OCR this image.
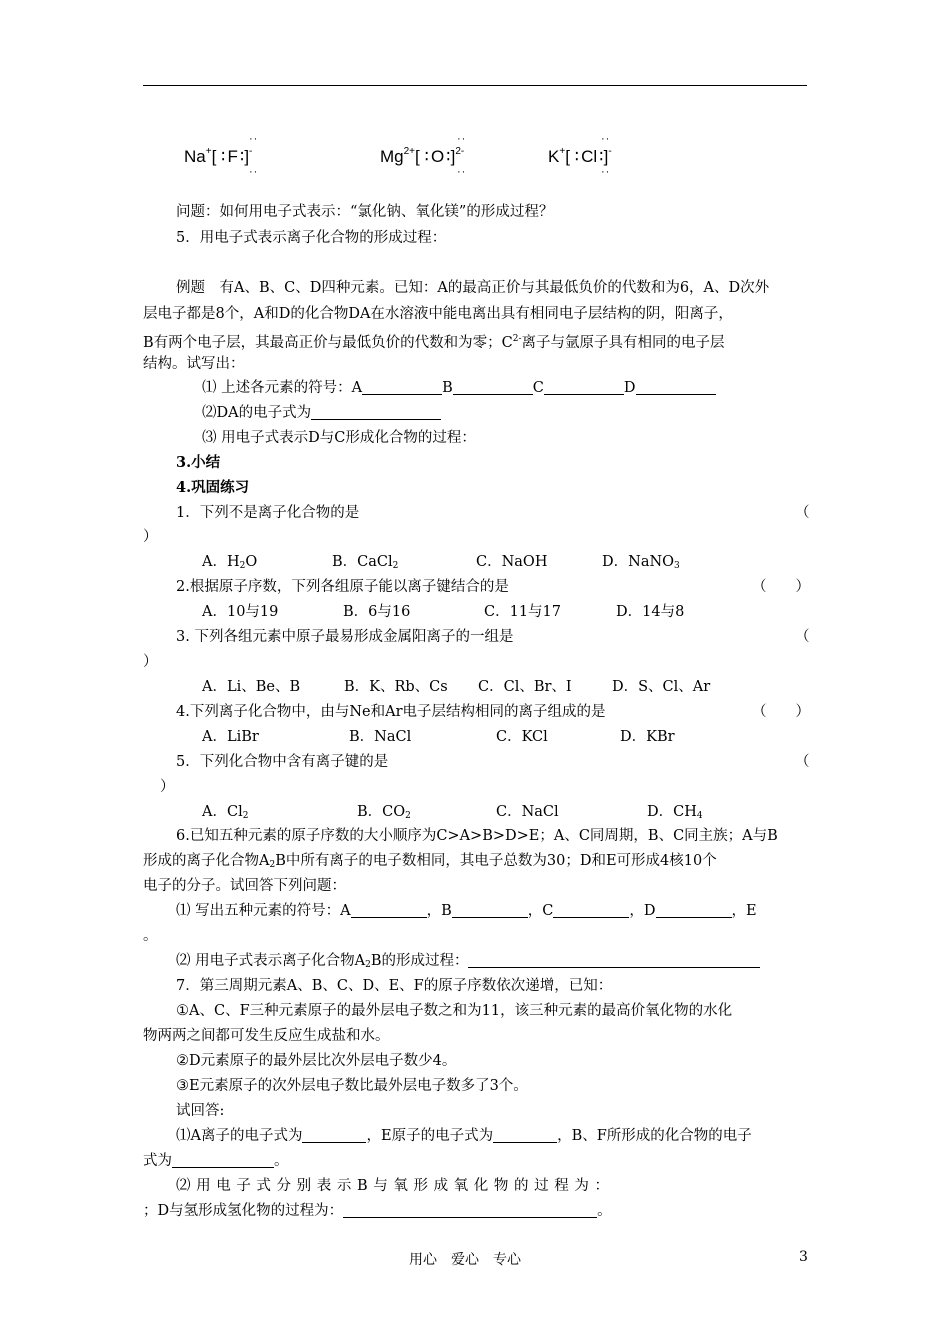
Na+[ ∶ F ∶]-
··
··
$Mg^{2+}$[ ∶ O ∶]$^{2-}$
··
··
K+[ ∶ Cl ∶]-
··
··
问题：如何用电子式表示：“氯化钠、氧化镁”的形成过程？
5．用电子式表示离子化合物的形成过程：
例题　有A、B、C、D四种元素。已知：A的最高正价与其最低负价的代数和为6，A、D次外
层电子都是8个，A和D的化合物DA在水溶液中能电离出具有相同电子层结构的阴，阳离子，
B有两个电子层，其最高正价与最低负价的代数和为零；$C^{2-}$离子与氩原子具有相同的电子层
结构。试写出：
⑴ 上述各元素的符号：A	B	C	D
⑵DA的电子式为
⑶ 用电子式表示D与C形成化合物的过程：
3.小结
4.巩固练习
1．下列不是离子化合物的是	（
）
A．$H_2O$	B．CaCl$_2$	C．NaOH	D．NaNO$_3$
2.根据原子序数，下列各组原子能以离子键结合的是	（　　）
A．10与19	B．6与16	C．11与17	D．14与8
3. 下列各组元素中原子最易形成金属阳离子的一组是	（
）
A．Li、Be、B	B．K、Rb、Cs C．Cl、Br、I	D．S、Cl、Ar
4.下列离子化合物中，由与Ne和Ar电子层结构相同的离子组成的是	（　　）
A．LiBr	B．NaCl	C．KCl	D．KBr
5．下列化合物中含有离子键的是	（
）
A．$Cl_2$	B．$CO_2$	C．NaCl	D．$CH_4$
6.已知五种元素的原子序数的大小顺序为C>A>B>D>E；A、C同周期，B、C同主族；A与B
形成的离子化合物$A_2B$中所有离子的电子数相同，其电子总数为30；D和E可形成4核10个
电子的分子。试回答下列问题：
⑴ 写出五种元素的符号：A	，B	，C	，D	，E
。
⑵ 用电子式表示离子化合物$A_2B$的形成过程：
7．第三周期元素A、B、C、D、E、F的原子序数依次递增，已知：
①A、C、F三种元素原子的最外层电子数之和为11，该三种元素的最高价氧化物的水化
物两两之间都可发生反应生成盐和水。
②D元素原子的最外层比次外层电子数少4。
③E元素原子的次外层电子数比最外层电子数多了3个。
试回答:
⑴A离子的电子式为	，E原子的电子式为	，B、F所形成的化合物的电子
式为	。
⑵ 用 电 子 式 分 别 表 示 B 与 氧 形 成 氧 化 物 的 过 程 为 ：
；D与氢形成氢化物的过程为：	。
用心　爱心　专心	3
